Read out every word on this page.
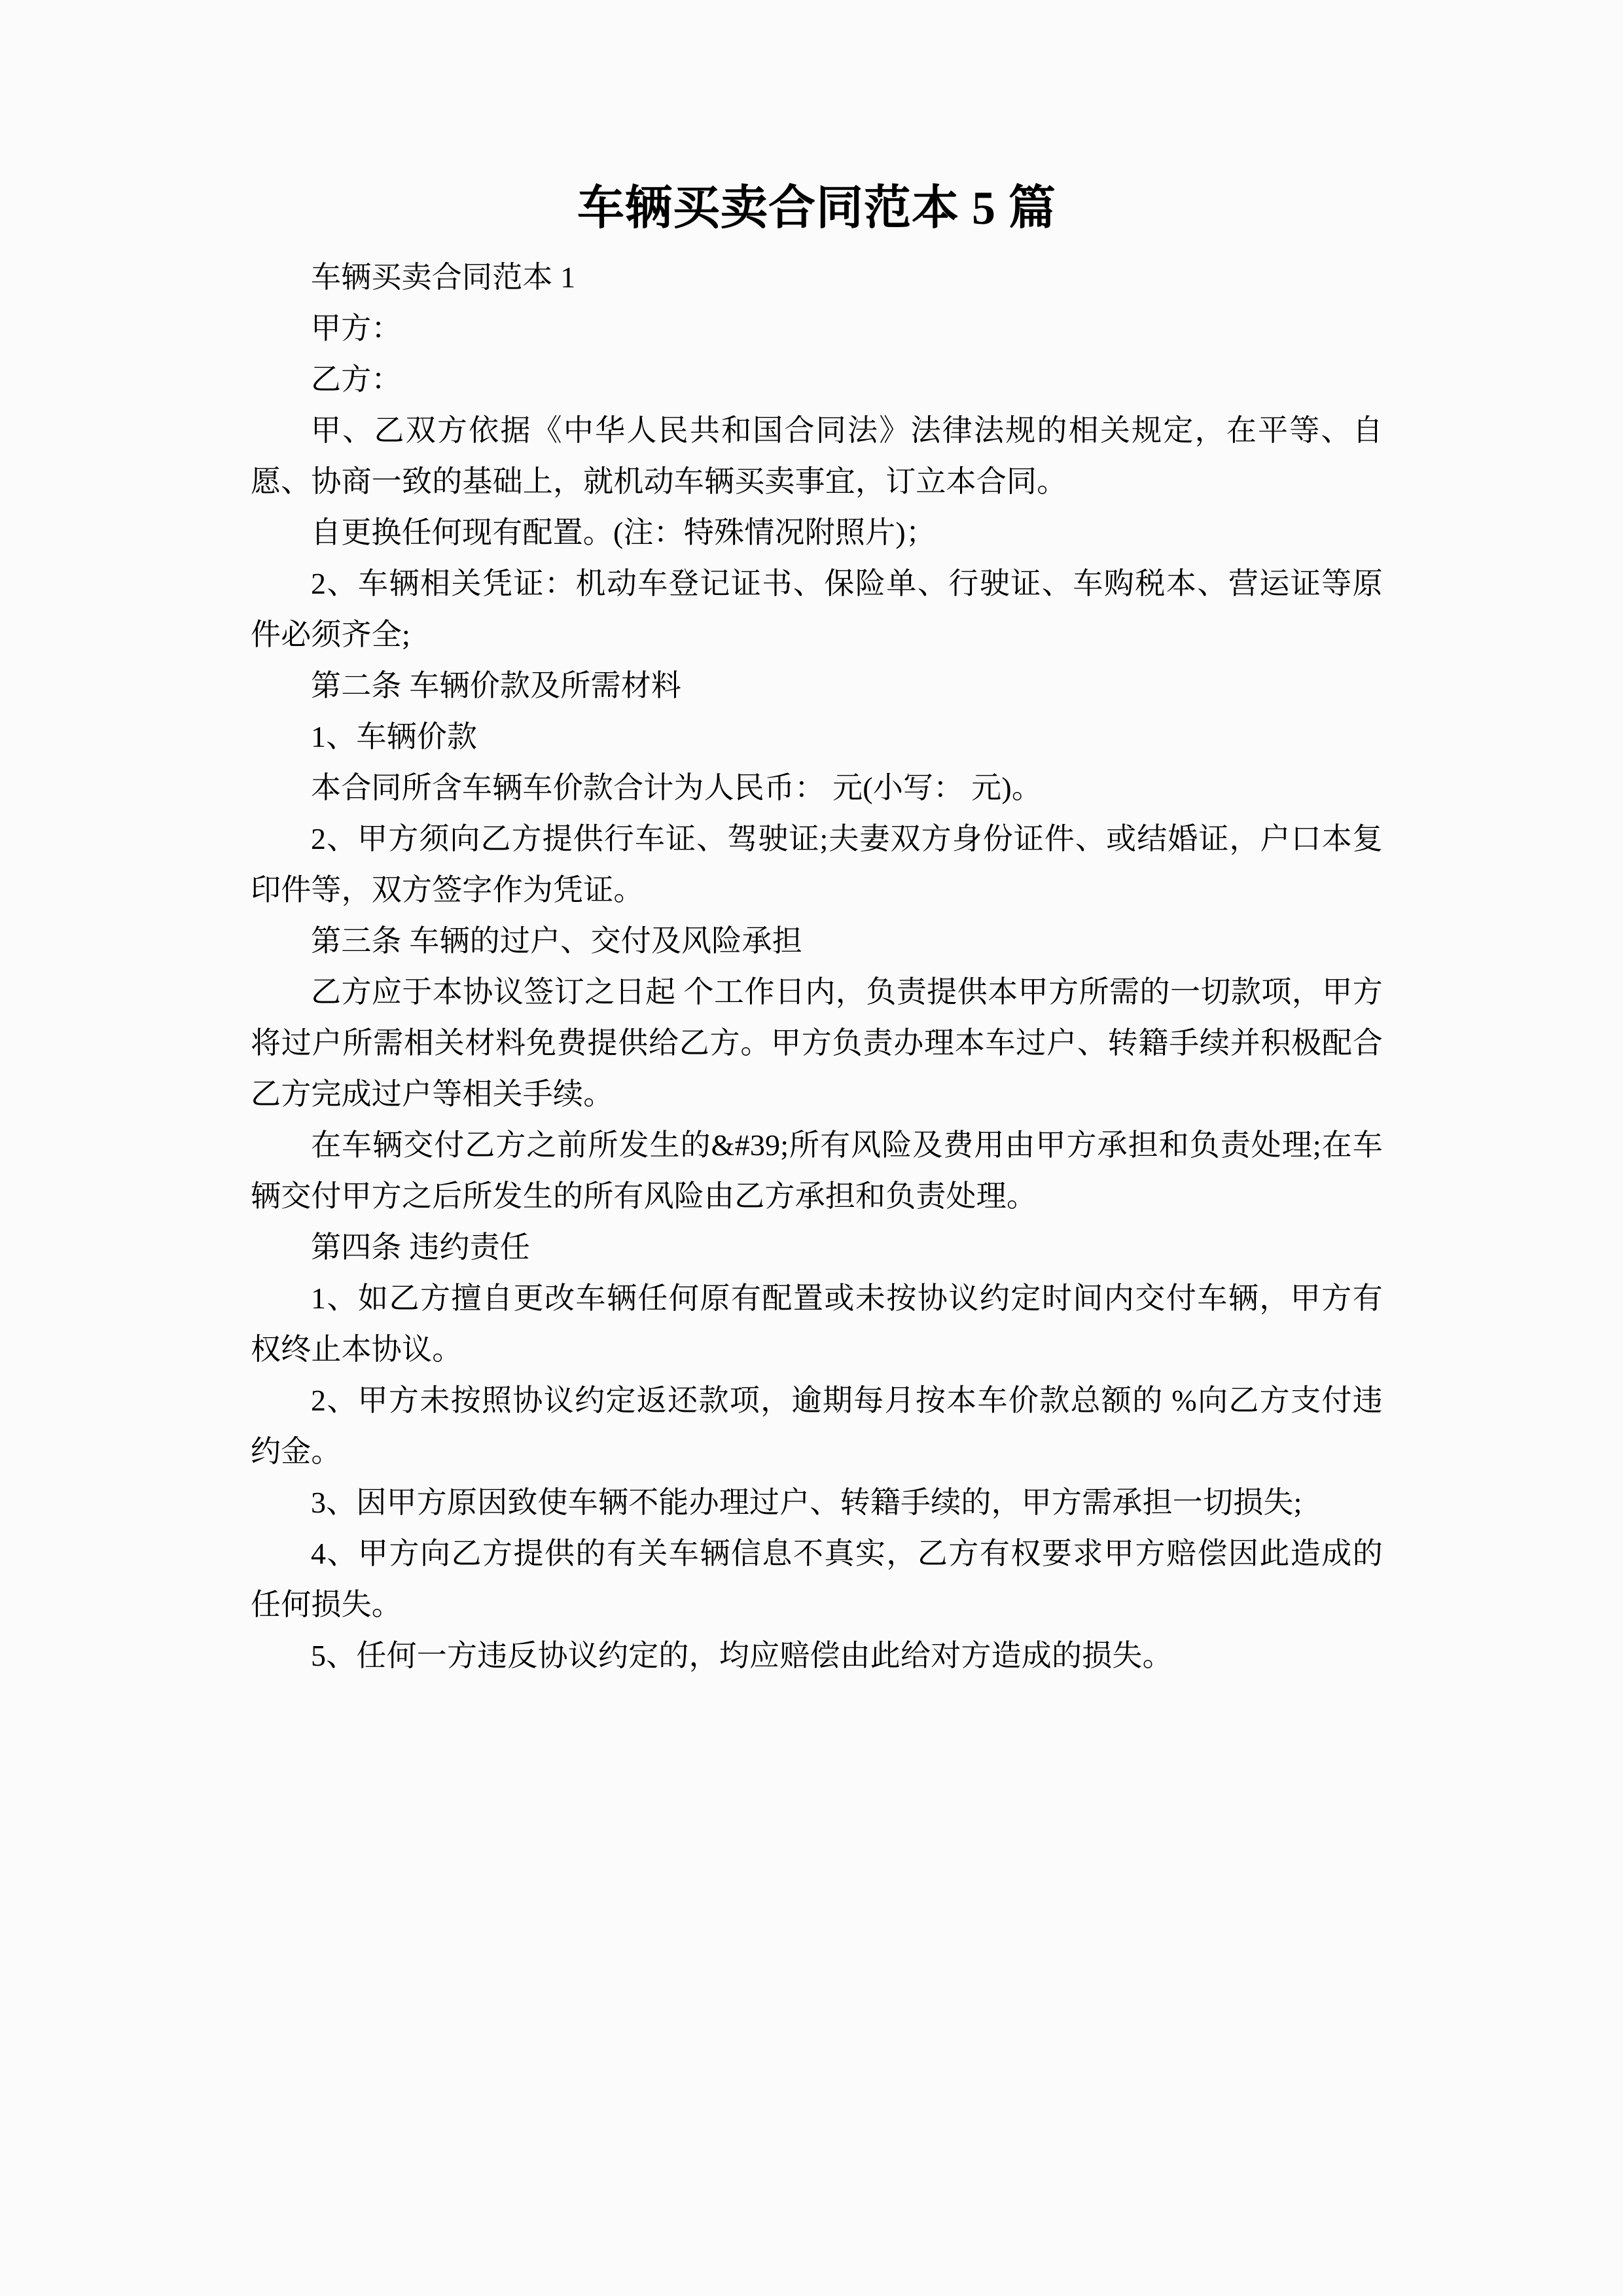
车辆买卖合同范本 5 篇

车辆买卖合同范本 1

甲方：

乙方：

甲、乙双方依据《中华人民共和国合同法》法律法规的相关规定，在平等、自愿、协商一致的基础上，就机动车辆买卖事宜，订立本合同。

自更换任何现有配置。(注：特殊情况附照片)；

2、车辆相关凭证：机动车登记证书、保险单、行驶证、车购税本、营运证等原件必须齐全;

第二条 车辆价款及所需材料

1、车辆价款

本合同所含车辆车价款合计为人民币： 元(小写： 元)。

2、甲方须向乙方提供行车证、驾驶证;夫妻双方身份证件、或结婚证，户口本复印件等，双方签字作为凭证。

第三条 车辆的过户、交付及风险承担

乙方应于本协议签订之日起 个工作日内，负责提供本甲方所需的一切款项，甲方将过户所需相关材料免费提供给乙方。甲方负责办理本车过户、转籍手续并积极配合乙方完成过户等相关手续。

在车辆交付乙方之前所发生的&#39;所有风险及费用由甲方承担和负责处理;在车辆交付甲方之后所发生的所有风险由乙方承担和负责处理。

第四条 违约责任

1、如乙方擅自更改车辆任何原有配置或未按协议约定时间内交付车辆，甲方有权终止本协议。

2、甲方未按照协议约定返还款项，逾期每月按本车价款总额的 %向乙方支付违约金。

3、因甲方原因致使车辆不能办理过户、转籍手续的，甲方需承担一切损失;

4、甲方向乙方提供的有关车辆信息不真实，乙方有权要求甲方赔偿因此造成的任何损失。

5、任何一方违反协议约定的，均应赔偿由此给对方造成的损失。
